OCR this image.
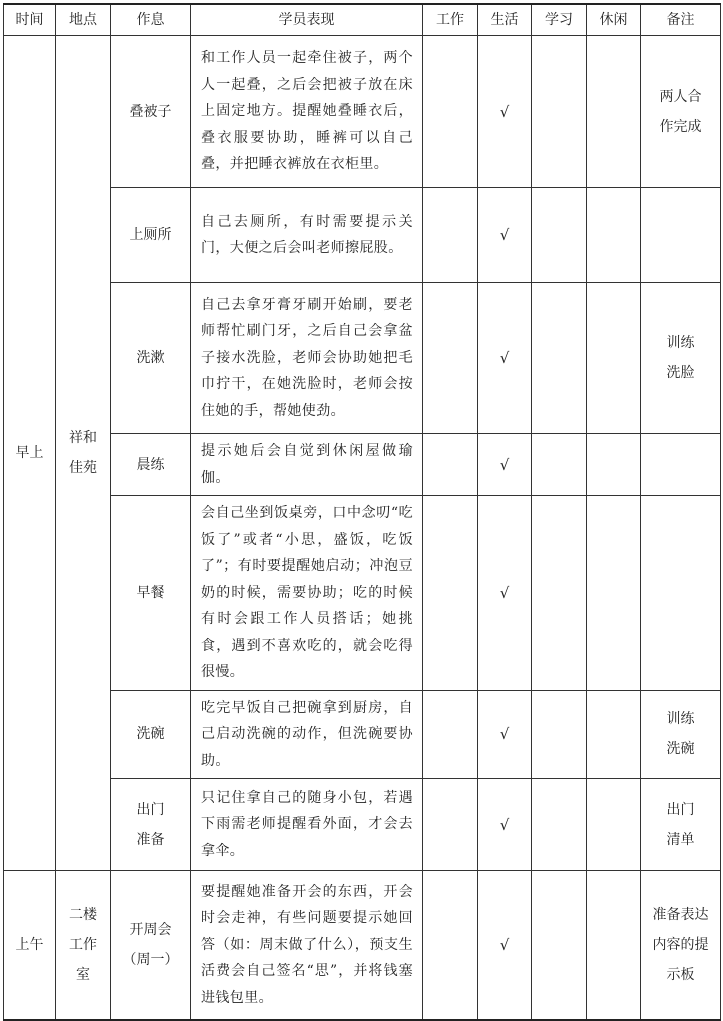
时间	地点	作息	学员表现	工作	生活	学习	休闲	备注
早上	祥和佳苑	叠被子	和工作人员一起牵住被子，两个人一起叠，之后会把被子放在床上固定地方。提醒她叠睡衣后，叠衣服要协助，睡裤可以自己叠，并把睡衣裤放在衣柜里。		√			两人合作完成
		上厕所	自己去厕所，有时需要提示关门，大便之后会叫老师擦屁股。		√			
		洗漱	自己去拿牙膏牙刷开始刷，要老师帮忙刷门牙，之后自己会拿盆子接水洗脸，老师会协助她把毛巾拧干，在她洗脸时，老师会按住她的手，帮她使劲。		√			训练洗脸
		晨练	提示她后会自觉到休闲屋做瑜伽。		√			
		早餐	会自己坐到饭桌旁，口中念叨“吃饭了”或者“小思，盛饭，吃饭了”；有时要提醒她启动；冲泡豆奶的时候，需要协助；吃的时候有时会跟工作人员搭话；她挑食，遇到不喜欢吃的，就会吃得很慢。		√			
		洗碗	吃完早饭自己把碗拿到厨房，自己启动洗碗的动作，但洗碗要协助。		√			训练洗碗
		出门准备	只记住拿自己的随身小包，若遇下雨需老师提醒看外面，才会去拿伞。		√			出门清单
上午	二楼工作室	开周会（周一）	要提醒她准备开会的东西，开会时会走神，有些问题要提示她回答（如：周末做了什么），预支生活费会自己签名“思”，并将钱塞进钱包里。		√			准备表达内容的提示板
